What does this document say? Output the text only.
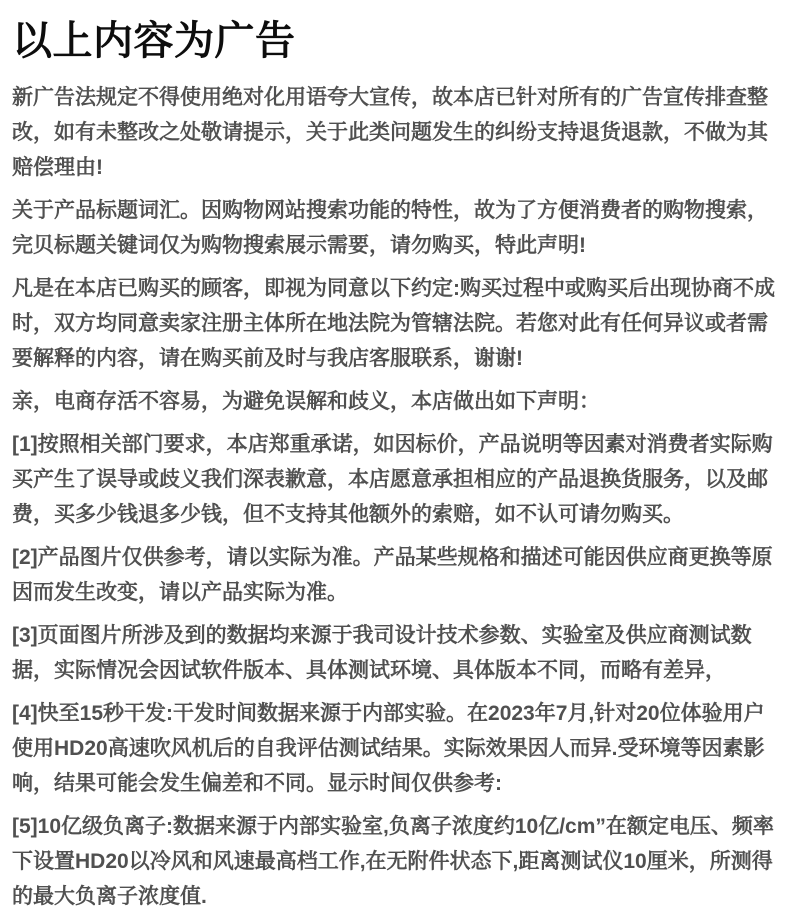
以上内容为广告

新广告法规定不得使用绝对化用语夸大宣传，故本店已针对所有的广告宣传排查整改，如有未整改之处敬请提示，关于此类问题发生的纠纷支持退货退款，不做为其赔偿理由!

关于产品标题词汇。因购物网站搜索功能的特性，故为了方便消费者的购物搜索，完贝标题关键词仅为购物搜索展示需要，请勿购买，特此声明!

凡是在本店已购买的顾客，即视为同意以下约定:购买过程中或购买后出现协商不成时，双方均同意卖家注册主体所在地法院为管辖法院。若您对此有任何异议或者需要解释的内容，请在购买前及时与我店客服联系，谢谢!

亲，电商存活不容易，为避免误解和歧义，本店做出如下声明：

[1]按照相关部门要求，本店郑重承诺，如因标价，产品说明等因素对消费者实际购买产生了误导或歧义我们深表歉意，本店愿意承担相应的产品退换货服务，以及邮费，买多少钱退多少钱，但不支持其他额外的索赔，如不认可请勿购买。

[2]产品图片仅供参考，请以实际为准。产品某些规格和描述可能因供应商更换等原因而发生改变，请以产品实际为准。

[3]页面图片所涉及到的数据均来源于我司设计技术参数、实验室及供应商测试数据，实际情况会因试软件版本、具体测试环境、具体版本不同，而略有差异，

[4]快至15秒干发:干发时间数据来源于内部实验。在2023年7月,针对20位体验用户使用HD20高速吹风机后的自我评估测试结果。实际效果因人而异.受环境等因素影响，结果可能会发生偏差和不同。显示时间仅供参考:

[5]10亿级负离子:数据来源于内部实验室,负离子浓度约10亿/cm”在额定电压、频率下设置HD20以冷风和风速最高档工作,在无附件状态下,距离测试仪10厘米，所测得的最大负离子浓度值.
